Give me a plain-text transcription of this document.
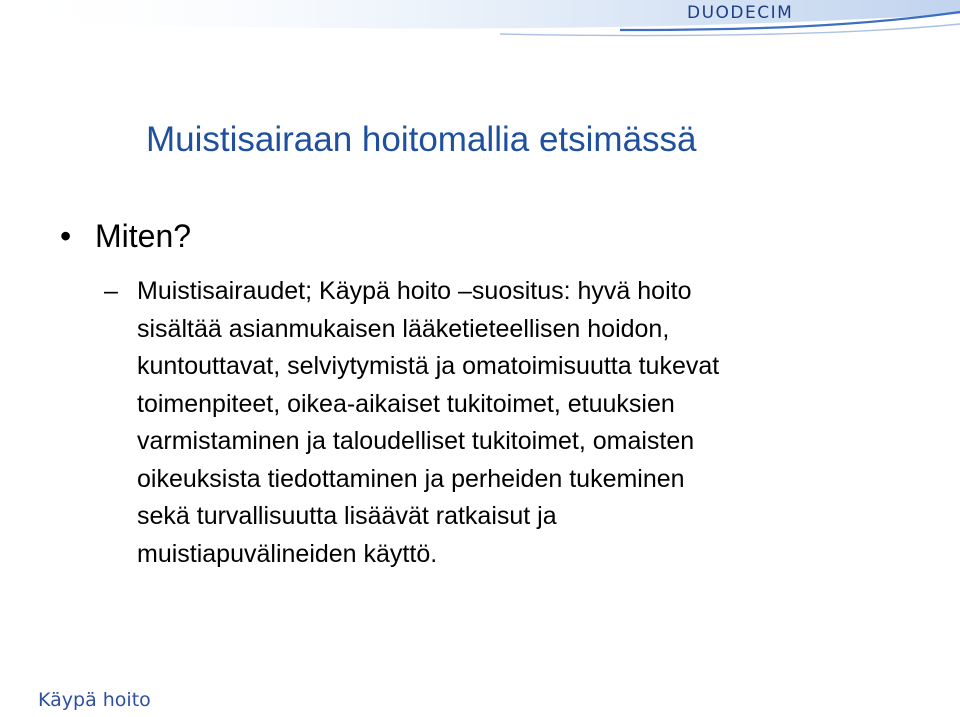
DUODECIM
Muistisairaan hoitomallia etsimässä
• Miten?
– Muistisairaudet; Käypä hoito –suositus: hyvä hoito
sisältää asianmukaisen lääketieteellisen hoidon,
kuntouttavat, selviytymistä ja omatoimisuutta tukevat
toimenpiteet, oikea-aikaiset tukitoimet, etuuksien
varmistaminen ja taloudelliset tukitoimet, omaisten
oikeuksista tiedottaminen ja perheiden tukeminen
sekä turvallisuutta lisäävät ratkaisut ja
muistiapuvälineiden käyttö.
Käypä hoito
